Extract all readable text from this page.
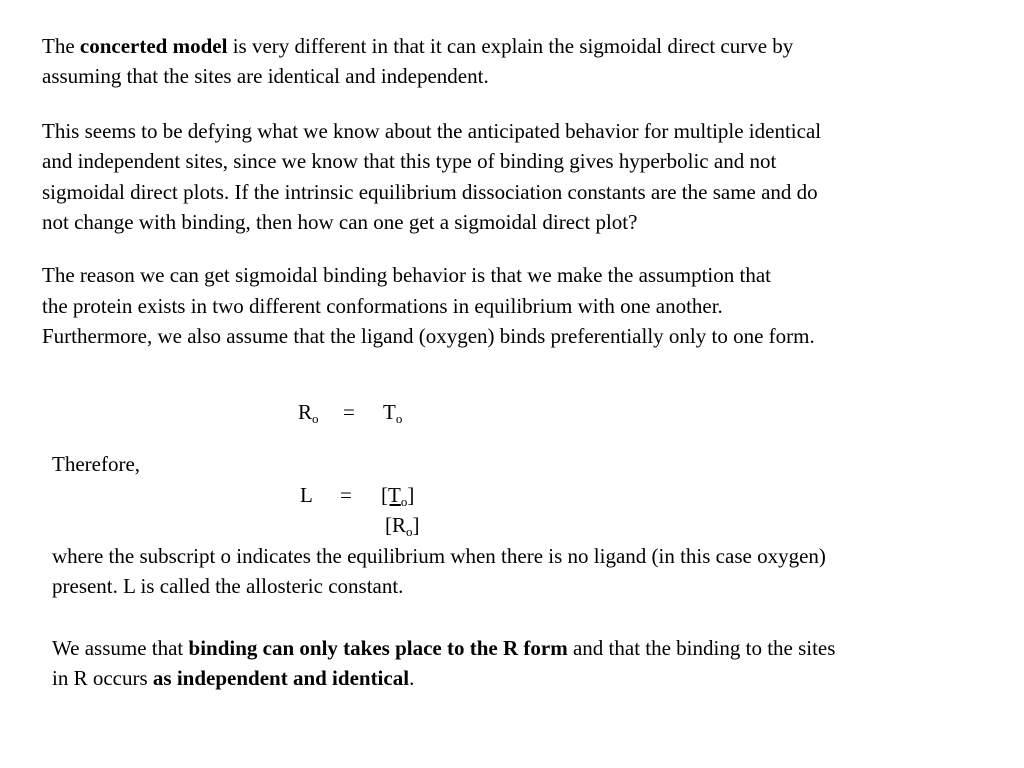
The concerted model is very different in that it can explain the sigmoidal direct curve by
assuming that the sites are identical and independent.
This seems to be defying what we know about the anticipated behavior for multiple identical
and independent sites, since we know that this type of binding gives hyperbolic and not
sigmoidal direct plots. If the intrinsic equilibrium dissociation constants are the same and do
not change with binding, then how can one get a sigmoidal direct plot?
The reason we can get sigmoidal binding behavior is that we make the assumption that
the protein exists in two different conformations in equilibrium with one another.
Furthermore, we also assume that the ligand (oxygen) binds preferentially only to one form.
$R_o = T_o$
Therefore,
$L = [T_o]$
$[R_o]$
where the subscript o indicates the equilibrium when there is no ligand (in this case oxygen)
present. L is called the allosteric constant.
We assume that binding can only takes place to the R form and that the binding to the sites
in R occurs as independent and identical.
